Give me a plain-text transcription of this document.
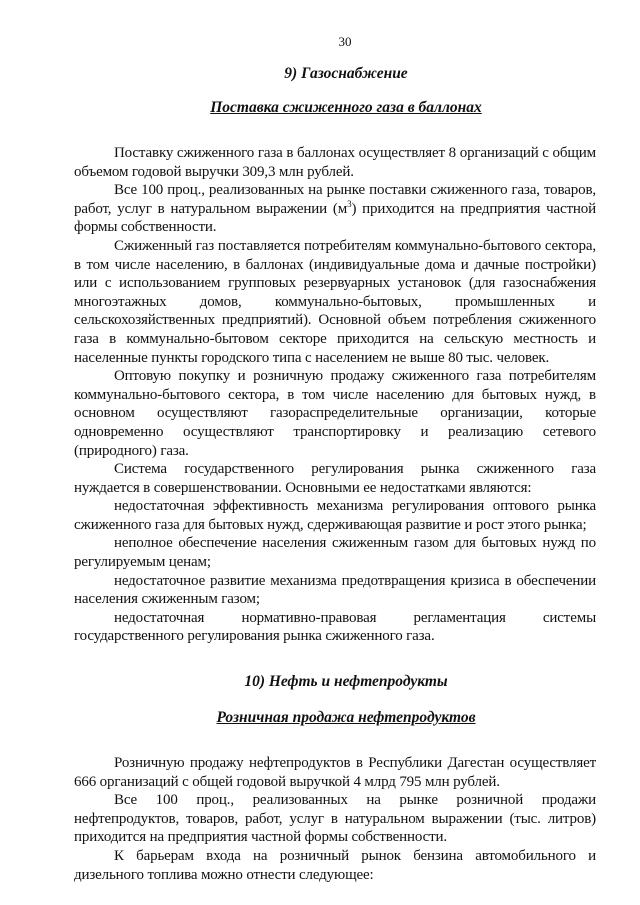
30
9) Газоснабжение
Поставка сжиженного газа в баллонах

Поставку сжиженного газа в баллонах осуществляет 8 организаций с общим объемом годовой выручки 309,3 млн рублей.

Все 100 проц., реализованных на рынке поставки сжиженного газа, товаров, работ, услуг в натуральном выражении $(м^3)$ приходится на предприятия частной формы собственности.

Сжиженный газ поставляется потребителям коммунально-бытового сектора, в том числе населению, в баллонах (индивидуальные дома и дачные постройки) или с использованием групповых резервуарных установок (для газоснабжения многоэтажных домов, коммунально-бытовых, промышленных и сельскохозяйственных предприятий). Основной объем потребления сжиженного газа в коммунально-бытовом секторе приходится на сельскую местность и населенные пункты городского типа с населением не выше 80 тыс. человек.

Оптовую покупку и розничную продажу сжиженного газа потребителям коммунально-бытового сектора, в том числе населению для бытовых нужд, в основном осуществляют газораспределительные организации, которые одновременно осуществляют транспортировку и реализацию сетевого (природного) газа.

Система государственного регулирования рынка сжиженного газа нуждается в совершенствовании. Основными ее недостатками являются:

недостаточная эффективность механизма регулирования оптового рынка сжиженного газа для бытовых нужд, сдерживающая развитие и рост этого рынка;

неполное обеспечение населения сжиженным газом для бытовых нужд по регулируемым ценам;

недостаточное развитие механизма предотвращения кризиса в обеспечении населения сжиженным газом;

недостаточная нормативно-правовая регламентация системы государственного регулирования рынка сжиженного газа.

10) Нефть и нефтепродукты
Розничная продажа нефтепродуктов

Розничную продажу нефтепродуктов в Республики Дагестан осуществляет 666 организаций с общей годовой выручкой 4 млрд 795 млн рублей.

Все 100 проц., реализованных на рынке розничной продажи нефтепродуктов, товаров, работ, услуг в натуральном выражении (тыс. литров) приходится на предприятия частной формы собственности.

К барьерам входа на розничный рынок бензина автомобильного и дизельного топлива можно отнести следующее:
